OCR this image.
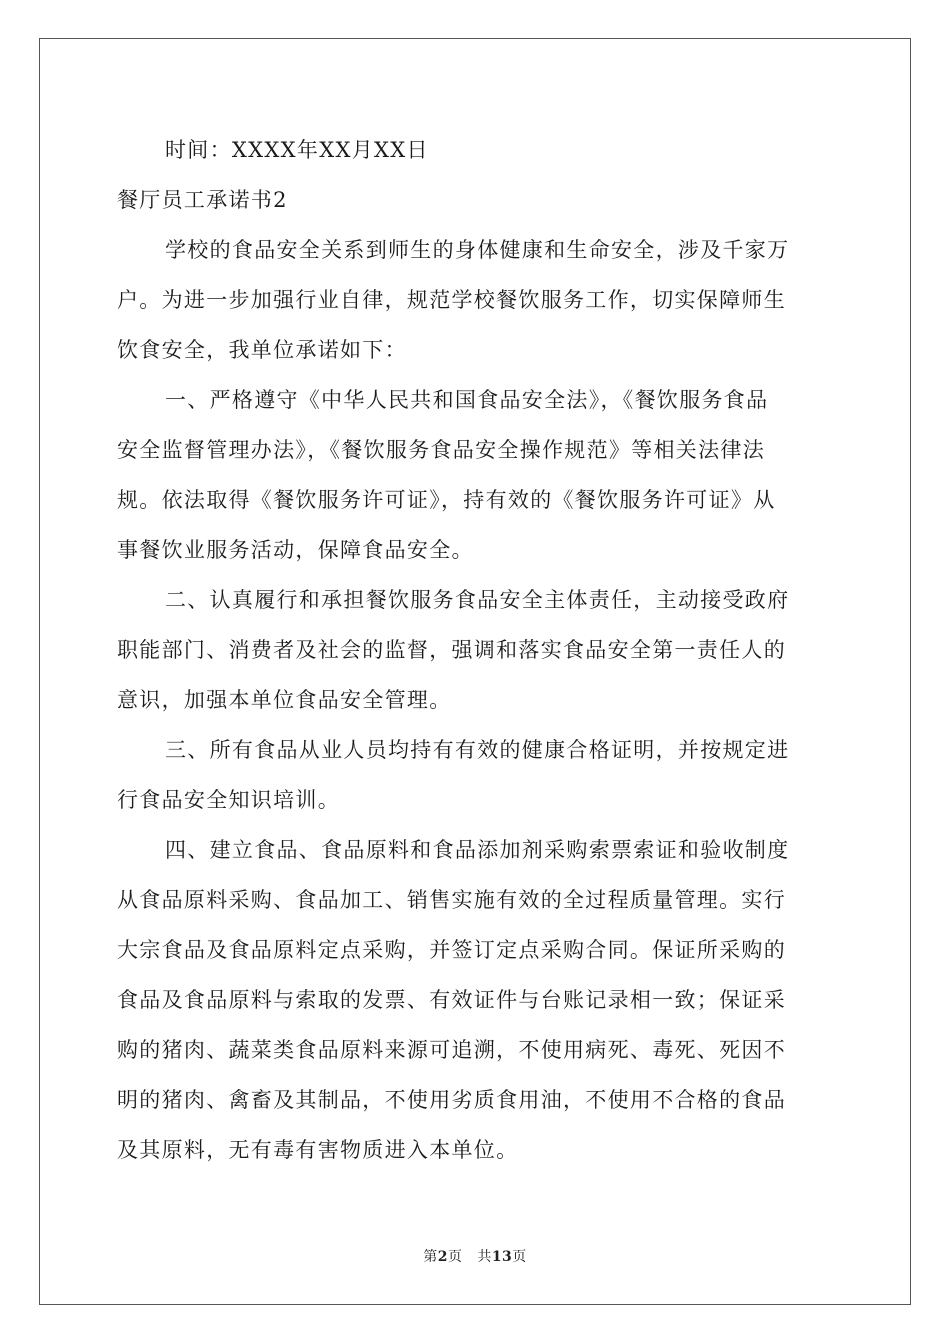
时间：XXXX年XX月XX日
餐厅员工承诺书2
学校的食品安全关系到师生的身体健康和生命安全，涉及千家万
户。为进一步加强行业自律，规范学校餐饮服务工作，切实保障师生
饮食安全，我单位承诺如下：
一、严格遵守《中华人民共和国食品安全法》，《餐饮服务食品
安全监督管理办法》，《餐饮服务食品安全操作规范》等相关法律法
规。依法取得《餐饮服务许可证》，持有效的《餐饮服务许可证》从
事餐饮业服务活动，保障食品安全。
二、认真履行和承担餐饮服务食品安全主体责任，主动接受政府
职能部门、消费者及社会的监督，强调和落实食品安全第一责任人的
意识，加强本单位食品安全管理。
三、所有食品从业人员均持有有效的健康合格证明，并按规定进
行食品安全知识培训。
四、建立食品、食品原料和食品添加剂采购索票索证和验收制度
从食品原料采购、食品加工、销售实施有效的全过程质量管理。实行
大宗食品及食品原料定点采购，并签订定点采购合同。保证所采购的
食品及食品原料与索取的发票、有效证件与台账记录相一致；保证采
购的猪肉、蔬菜类食品原料来源可追溯，不使用病死、毒死、死因不
明的猪肉、禽畜及其制品，不使用劣质食用油，不使用不合格的食品
及其原料，无有毒有害物质进入本单位。
第2页 共13页
